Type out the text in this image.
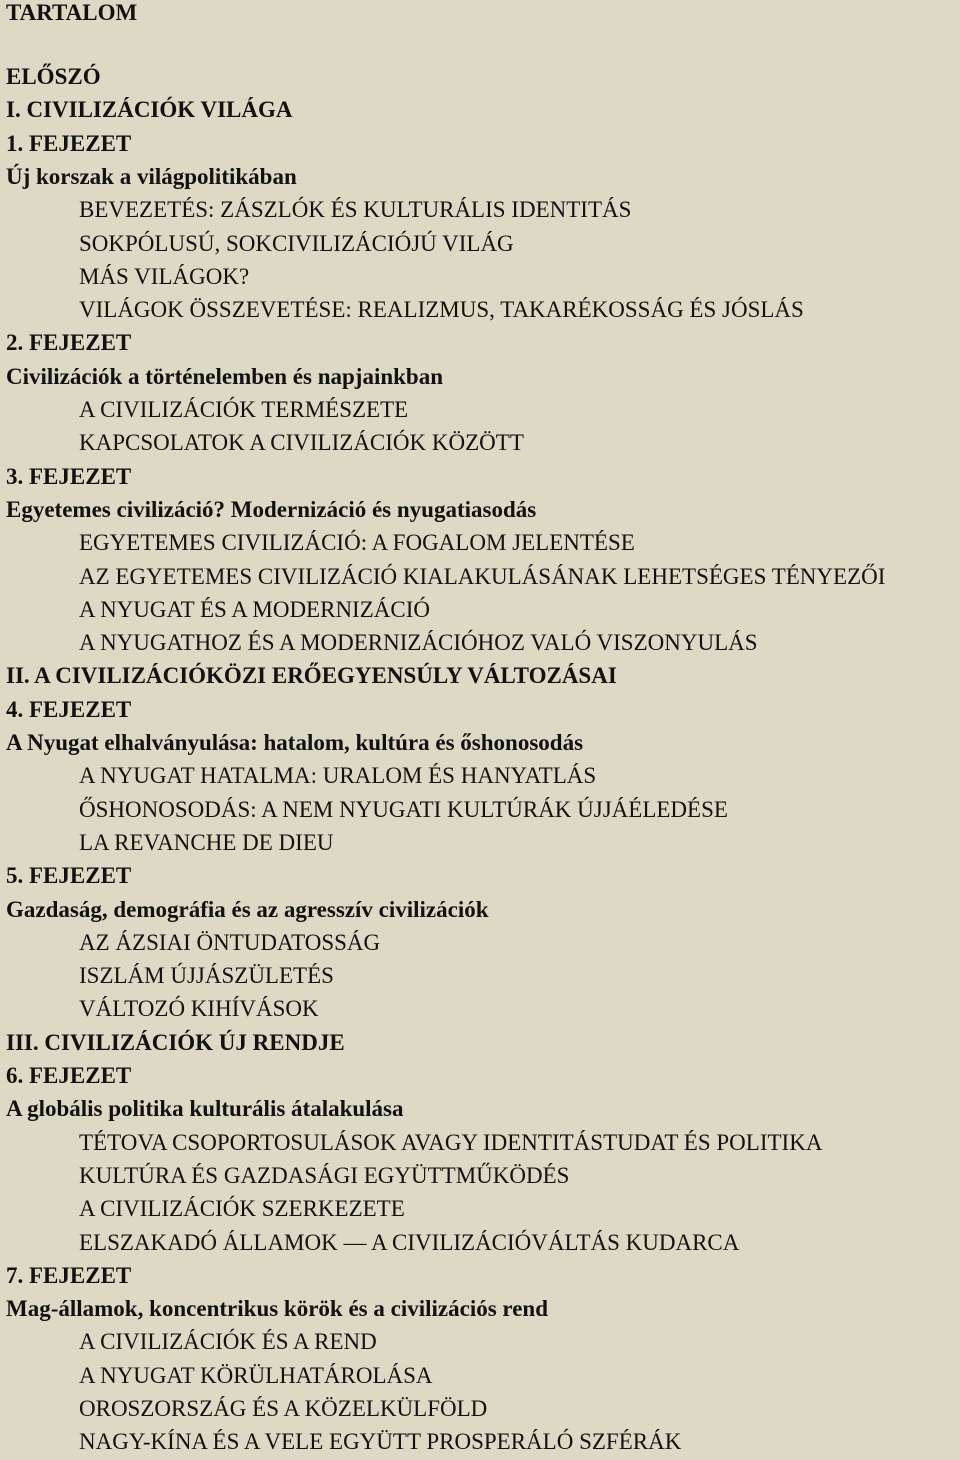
TARTALOM
ELŐSZÓ
I. CIVILIZÁCIÓK VILÁGA
1. FEJEZET
Új korszak a világpolitikában
BEVEZETÉS: ZÁSZLÓK ÉS KULTURÁLIS IDENTITÁS
SOKPÓLUSÚ, SOKCIVILIZÁCIÓJÚ VILÁG
MÁS VILÁGOK?
VILÁGOK ÖSSZEVETÉSE: REALIZMUS, TAKARÉKOSSÁG ÉS JÓSLÁS
2. FEJEZET
Civilizációk a történelemben és napjainkban
A CIVILIZÁCIÓK TERMÉSZETE
KAPCSOLATOK A CIVILIZÁCIÓK KÖZÖTT
3. FEJEZET
Egyetemes civilizáció? Modernizáció és nyugatiasodás
EGYETEMES CIVILIZÁCIÓ: A FOGALOM JELENTÉSE
AZ EGYETEMES CIVILIZÁCIÓ KIALAKULÁSÁNAK LEHETSÉGES TÉNYEZŐI
A NYUGAT ÉS A MODERNIZÁCIÓ
A NYUGATHOZ ÉS A MODERNIZÁCIÓHOZ VALÓ VISZONYULÁS
II. A CIVILIZÁCIÓKÖZI ERŐEGYENSÚLY VÁLTOZÁSAI
4. FEJEZET
A Nyugat elhalványulása: hatalom, kultúra és őshonosodás
A NYUGAT HATALMA: URALOM ÉS HANYATLÁS
ŐSHONOSODÁS: A NEM NYUGATI KULTÚRÁK ÚJJÁÉLEDÉSE
LA REVANCHE DE DIEU
5. FEJEZET
Gazdaság, demográfia és az agresszív civilizációk
AZ ÁZSIAI ÖNTUDATOSSÁG
ISZLÁM ÚJJÁSZÜLETÉS
VÁLTOZÓ KIHÍVÁSOK
III. CIVILIZÁCIÓK ÚJ RENDJE
6. FEJEZET
A globális politika kulturális átalakulása
TÉTOVA CSOPORTOSULÁSOK AVAGY IDENTITÁSTUDAT ÉS POLITIKA
KULTÚRA ÉS GAZDASÁGI EGYÜTTMŰKÖDÉS
A CIVILIZÁCIÓK SZERKEZETE
ELSZAKADÓ ÁLLAMOK — A CIVILIZÁCIÓVÁLTÁS KUDARCA
7. FEJEZET
Mag-államok, koncentrikus körök és a civilizációs rend
A CIVILIZÁCIÓK ÉS A REND
A NYUGAT KÖRÜLHATÁROLÁSA
OROSZORSZÁG ÉS A KÖZELKÜLFÖLD
NAGY-KÍNA ÉS A VELE EGYÜTT PROSPERÁLÓ SZFÉRÁK
